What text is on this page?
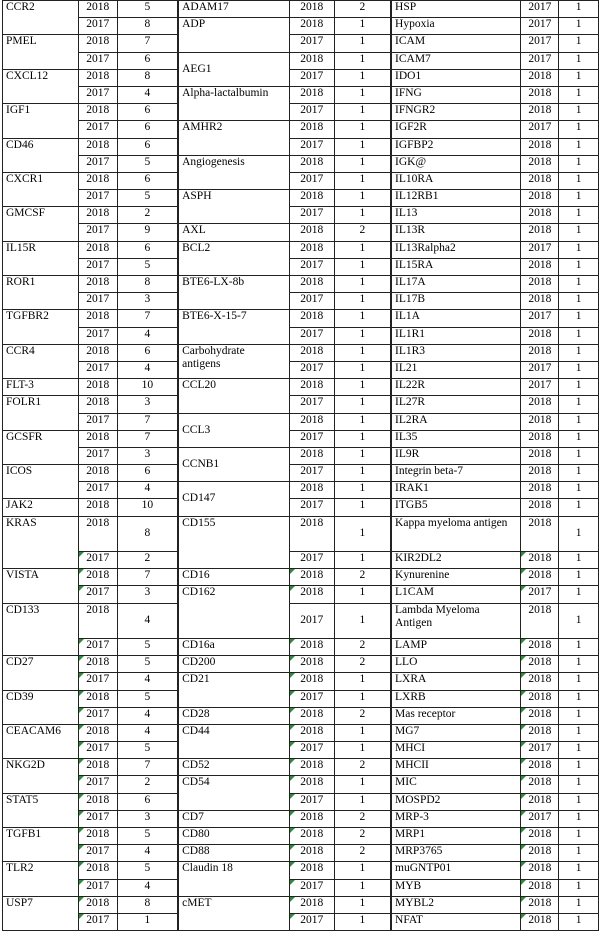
CCR2	2018	5
	2017	8
PMEL	2018	7
	2017	6
CXCL12	2018	8
	2017	4
IGF1	2018	6
	2017	6
CD46	2018	6
	2017	5
CXCR1	2018	6
	2017	5
GMCSF	2018	2
	2017	9
IL15R	2018	6
	2017	5
ROR1	2018	8
	2017	3
TGFBR2	2018	7
	2017	4
CCR4	2018	6
	2017	4
FLT-3	2018	10
FOLR1	2018	3
	2017	7
GCSFR	2018	7
	2017	3
ICOS	2018	6
	2017	4
JAK2	2018	10
KRAS	2018	8
	2017	2
VISTA	2018	7
	2017	3
CD133	2018	4
	2017	5
CD27	2018	5
	2017	4
CD39	2018	5
	2017	4
CEACAM6	2018	4
	2017	5
NKG2D	2018	7
	2017	2
STAT5	2018	6
	2017	3
TGFB1	2018	5
	2017	4
TLR2	2018	5
	2017	4
USP7	2018	8
	2017	1
ADAM17	2018	2
ADP	2018	1
	2017	1
AEG1	2018	1
	2017	1
Alpha-lactalbumin	2018	1
	2017	1
AMHR2	2018	1
	2017	1
Angiogenesis	2018	1
	2017	1
ASPH	2018	1
	2017	1
AXL	2018	2
BCL2	2018	1
	2017	1
BTE6-LX-8b	2018	1
	2017	1
BTE6-X-15-7	2018	1
	2017	1
Carbohydrate antigens	2018	1
	2017	1
CCL20	2018	1
	2017	1
CCL3	2018	1
	2017	1
CCNB1	2018	1
	2017	1
CD147	2018	1
	2017	1
CD155	2018	1
	2017	1
CD16	2018	2
CD162	2018	1
	2017	1
CD16a	2018	2
CD200	2018	2
CD21	2018	1
	2017	1
CD28	2018	2
CD44	2018	1
	2017	1
CD52	2018	2
CD54	2018	1
	2017	1
CD7	2018	2
CD80	2018	2
CD88	2018	2
Claudin 18	2018	1
	2017	1
cMET	2018	1
	2017	1
HSP	2017	1
Hypoxia	2017	1
ICAM	2017	1
ICAM7	2017	1
IDO1	2018	1
IFNG	2018	1
IFNGR2	2018	1
IGF2R	2017	1
IGFBP2	2018	1
IGK@	2018	1
IL10RA	2018	1
IL12RB1	2018	1
IL13	2018	1
IL13R	2018	1
IL13Ralpha2	2017	1
IL15RA	2018	1
IL17A	2018	1
IL17B	2018	1
IL1A	2017	1
IL1R1	2018	1
IL1R3	2018	1
IL21	2017	1
IL22R	2017	1
IL27R	2018	1
IL2RA	2018	1
IL35	2018	1
IL9R	2018	1
Integrin beta-7	2018	1
IRAK1	2018	1
ITGB5	2018	1
Kappa myeloma antigen	2018	1
KIR2DL2	2018	1
Kynurenine	2018	1
L1CAM	2017	1
Lambda Myeloma Antigen	2018	1
LAMP	2018	1
LLO	2018	1
LXRA	2018	1
LXRB	2018	1
Mas receptor	2018	1
MG7	2018	1
MHCI	2017	1
MHCII	2018	1
MIC	2018	1
MOSPD2	2018	1
MRP-3	2017	1
MRP1	2018	1
MRP3765	2018	1
muGNTP01	2018	1
MYB	2018	1
MYBL2	2018	1
NFAT	2018	1
